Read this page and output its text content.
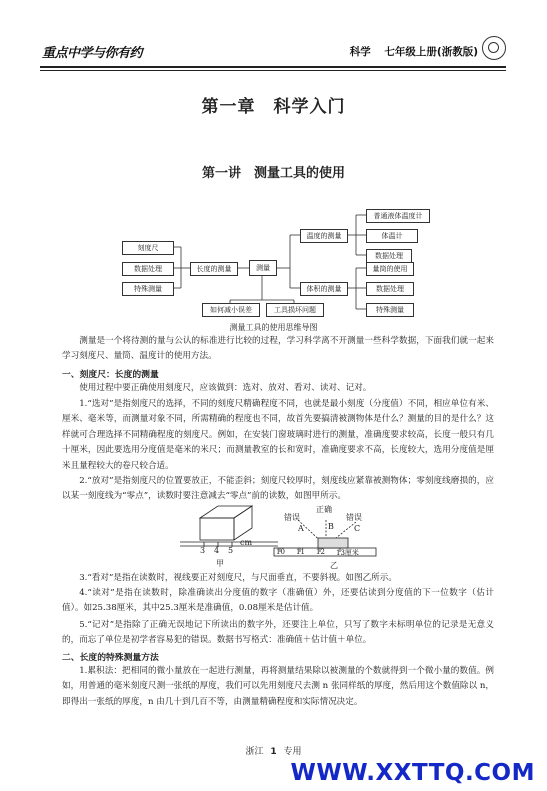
重点中学与你有约	科学 七年级上册(浙教版)
第一章　科学入门
第一讲　测量工具的使用
刻度尺
数据处理
特殊测量
长度的测量	测量
温度的测量
体积的测量
普通液体温度计
体温计
数据处理
量筒的使用
数据处理
特殊测量
如何减小误差	工具损坏问题
测量工具的使用思维导图
测量是一个将待测的量与公认的标准进行比较的过程，学习科学离不开测量一些科学数据，下面我们就一起来学习刻度尺、量筒、温度计的使用方法。
一、刻度尺：长度的测量
使用过程中要正确使用刻度尺，应该做到：选对、放对、看对、读对、记对。
1.“选对”是指刻度尺的选择，不同的刻度尺精确程度不同，也就是最小刻度（分度值）不同，相应单位有米、厘米、毫米等，而测量对象不同，所需精确的程度也不同，故首先要搞清被测物体是什么？测量的目的是什么？这样就可合理选择不同精确程度的刻度尺。例如，在安装门窗玻璃时进行的测量，准确度要求较高，长度一般只有几十厘米，因此要选用分度值是毫米的米尺；而测量教室的长和宽时，准确度要求不高，长度较大，选用分度值是厘米且量程较大的卷尺较合适。
2.“放对”是指刻度尺的位置要放正，不能歪斜；刻度尺较厚时，刻度线应紧靠被测物体；零刻度线磨损的，应以某一刻度线为“零点”，读数时要注意减去“零点”前的读数，如图甲所示。
3 4 5
cm
甲
错误
正确
错误
A	B	C
10 11 12 13厘米
乙
3.“看对”是指在读数时，视线要正对刻度尺，与尺面垂直，不要斜视。如图乙所示。
4.“读对”是指在读数时，除准确读出分度值的数字（准确值）外，还要估读到分度值的下一位数字（估计值）。如25.38厘米，其中25.3厘米是准确值，0.08厘米是估计值。
5.“记对”是指除了正确无误地记下所读出的数字外，还要注上单位，只写了数字未标明单位的记录是无意义的，而忘了单位是初学者容易犯的错误。数据书写格式：准确值＋估计值＋单位。
二、长度的特殊测量方法
1.累积法：把相同的微小量放在一起进行测量，再将测量结果除以被测量的个数就得到一个微小量的数值。例如，用普通的毫米刻度尺测一张纸的厚度，我们可以先用刻度尺去测 n 张同样纸的厚度，然后用这个数值除以 n，即得出一张纸的厚度，n 由几十到几百不等，由测量精确程度和实际情况决定。
浙江 1 专用
WWW.XXTTQ.COM
